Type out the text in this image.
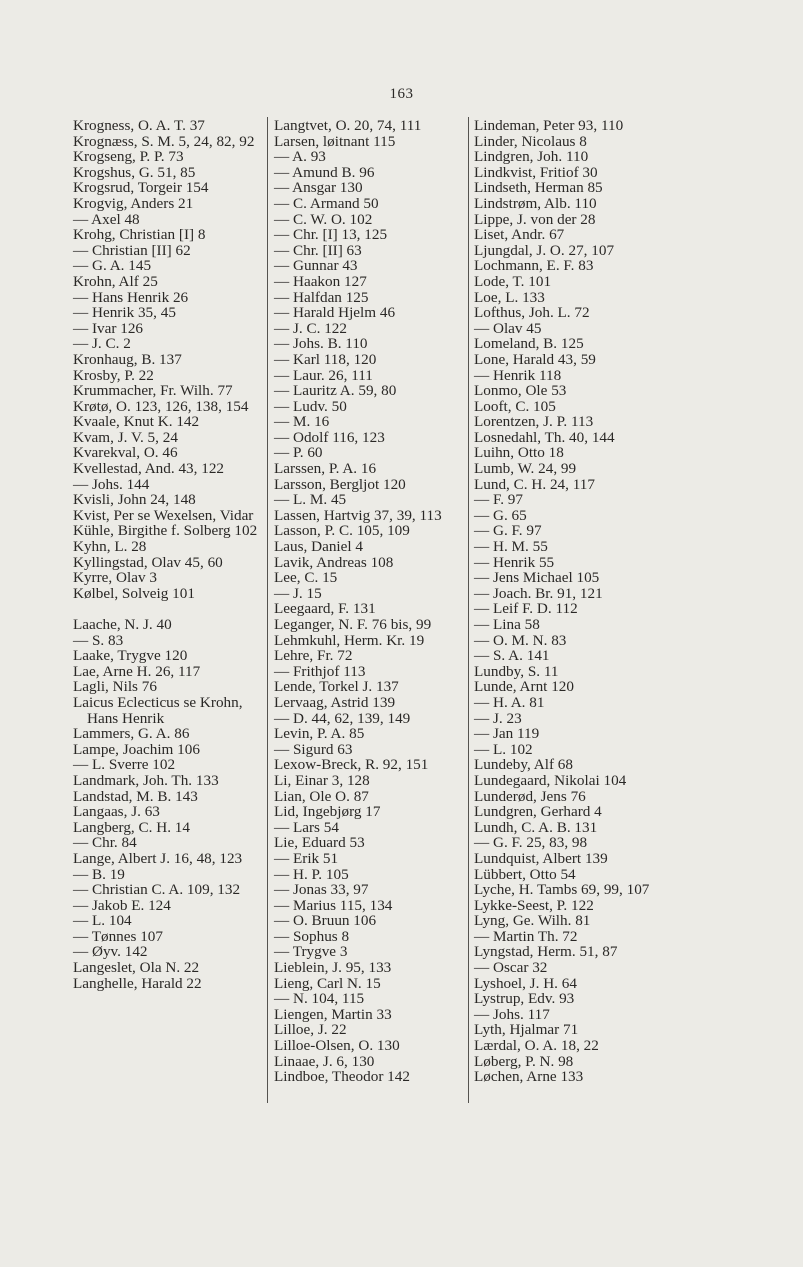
163
Krogness, O. A. T. 37
Krognæss, S. M. 5, 24, 82, 92
Krogseng, P. P. 73
Krogshus, G. 51, 85
Krogsrud, Torgeir 154
Krogvig, Anders 21
— Axel 48
Krohg, Christian [I] 8
— Christian [II] 62
— G. A. 145
Krohn, Alf 25
— Hans Henrik 26
— Henrik 35, 45
— Ivar 126
— J. C. 2
Kronhaug, B. 137
Krosby, P. 22
Krummacher, Fr. Wilh. 77
Krøtø, O. 123, 126, 138, 154
Kvaale, Knut K. 142
Kvam, J. V. 5, 24
Kvarekval, O. 46
Kvellestad, And. 43, 122
— Johs. 144
Kvisli, John 24, 148
Kvist, Per se Wexelsen, Vidar
Kühle, Birgithe f. Solberg 102
Kyhn, L. 28
Kyllingstad, Olav 45, 60
Kyrre, Olav 3
Kølbel, Solveig 101
Laache, N. J. 40
— S. 83
Laake, Trygve 120
Lae, Arne H. 26, 117
Lagli, Nils 76
Laicus Eclecticus se Krohn, Hans Henrik
Lammers, G. A. 86
Lampe, Joachim 106
— L. Sverre 102
Landmark, Joh. Th. 133
Landstad, M. B. 143
Langaas, J. 63
Langberg, C. H. 14
— Chr. 84
Lange, Albert J. 16, 48, 123
— B. 19
— Christian C. A. 109, 132
— Jakob E. 124
— L. 104
— Tønnes 107
— Øyv. 142
Langeslet, Ola N. 22
Langhelle, Harald 22
Langtvet, O. 20, 74, 111
Larsen, løitnant 115
— A. 93
— Amund B. 96
— Ansgar 130
— C. Armand 50
— C. W. O. 102
— Chr. [I] 13, 125
— Chr. [II] 63
— Gunnar 43
— Haakon 127
— Halfdan 125
— Harald Hjelm 46
— J. C. 122
— Johs. B. 110
— Karl 118, 120
— Laur. 26, 111
— Lauritz A. 59, 80
— Ludv. 50
— M. 16
— Odolf 116, 123
— P. 60
Larssen, P. A. 16
Larsson, Bergljot 120
— L. M. 45
Lassen, Hartvig 37, 39, 113
Lasson, P. C. 105, 109
Laus, Daniel 4
Lavik, Andreas 108
Lee, C. 15
— J. 15
Leegaard, F. 131
Leganger, N. F. 76 bis, 99
Lehmkuhl, Herm. Kr. 19
Lehre, Fr. 72
— Frithjof 113
Lende, Torkel J. 137
Lervaag, Astrid 139
— D. 44, 62, 139, 149
Levin, P. A. 85
— Sigurd 63
Lexow-Breck, R. 92, 151
Li, Einar 3, 128
Lian, Ole O. 87
Lid, Ingebjørg 17
— Lars 54
Lie, Eduard 53
— Erik 51
— H. P. 105
— Jonas 33, 97
— Marius 115, 134
— O. Bruun 106
— Sophus 8
— Trygve 3
Lieblein, J. 95, 133
Lieng, Carl N. 15
— N. 104, 115
Liengen, Martin 33
Lilloe, J. 22
Lilloe-Olsen, O. 130
Linaae, J. 6, 130
Lindboe, Theodor 142
Lindeman, Peter 93, 110
Linder, Nicolaus 8
Lindgren, Joh. 110
Lindkvist, Fritiof 30
Lindseth, Herman 85
Lindstrøm, Alb. 110
Lippe, J. von der 28
Liset, Andr. 67
Ljungdal, J. O. 27, 107
Lochmann, E. F. 83
Lode, T. 101
Loe, L. 133
Lofthus, Joh. L. 72
— Olav 45
Lomeland, B. 125
Lone, Harald 43, 59
— Henrik 118
Lonmo, Ole 53
Looft, C. 105
Lorentzen, J. P. 113
Losnedahl, Th. 40, 144
Luihn, Otto 18
Lumb, W. 24, 99
Lund, C. H. 24, 117
— F. 97
— G. 65
— G. F. 97
— H. M. 55
— Henrik 55
— Jens Michael 105
— Joach. Br. 91, 121
— Leif F. D. 112
— Lina 58
— O. M. N. 83
— S. A. 141
Lundby, S. 11
Lunde, Arnt 120
— H. A. 81
— J. 23
— Jan 119
— L. 102
Lundeby, Alf 68
Lundegaard, Nikolai 104
Lunderød, Jens 76
Lundgren, Gerhard 4
Lundh, C. A. B. 131
— G. F. 25, 83, 98
Lundquist, Albert 139
Lübbert, Otto 54
Lyche, H. Tambs 69, 99, 107
Lykke-Seest, P. 122
Lyng, Ge. Wilh. 81
— Martin Th. 72
Lyngstad, Herm. 51, 87
— Oscar 32
Lyshoel, J. H. 64
Lystrup, Edv. 93
— Johs. 117
Lyth, Hjalmar 71
Lærdal, O. A. 18, 22
Løberg, P. N. 98
Løchen, Arne 133
